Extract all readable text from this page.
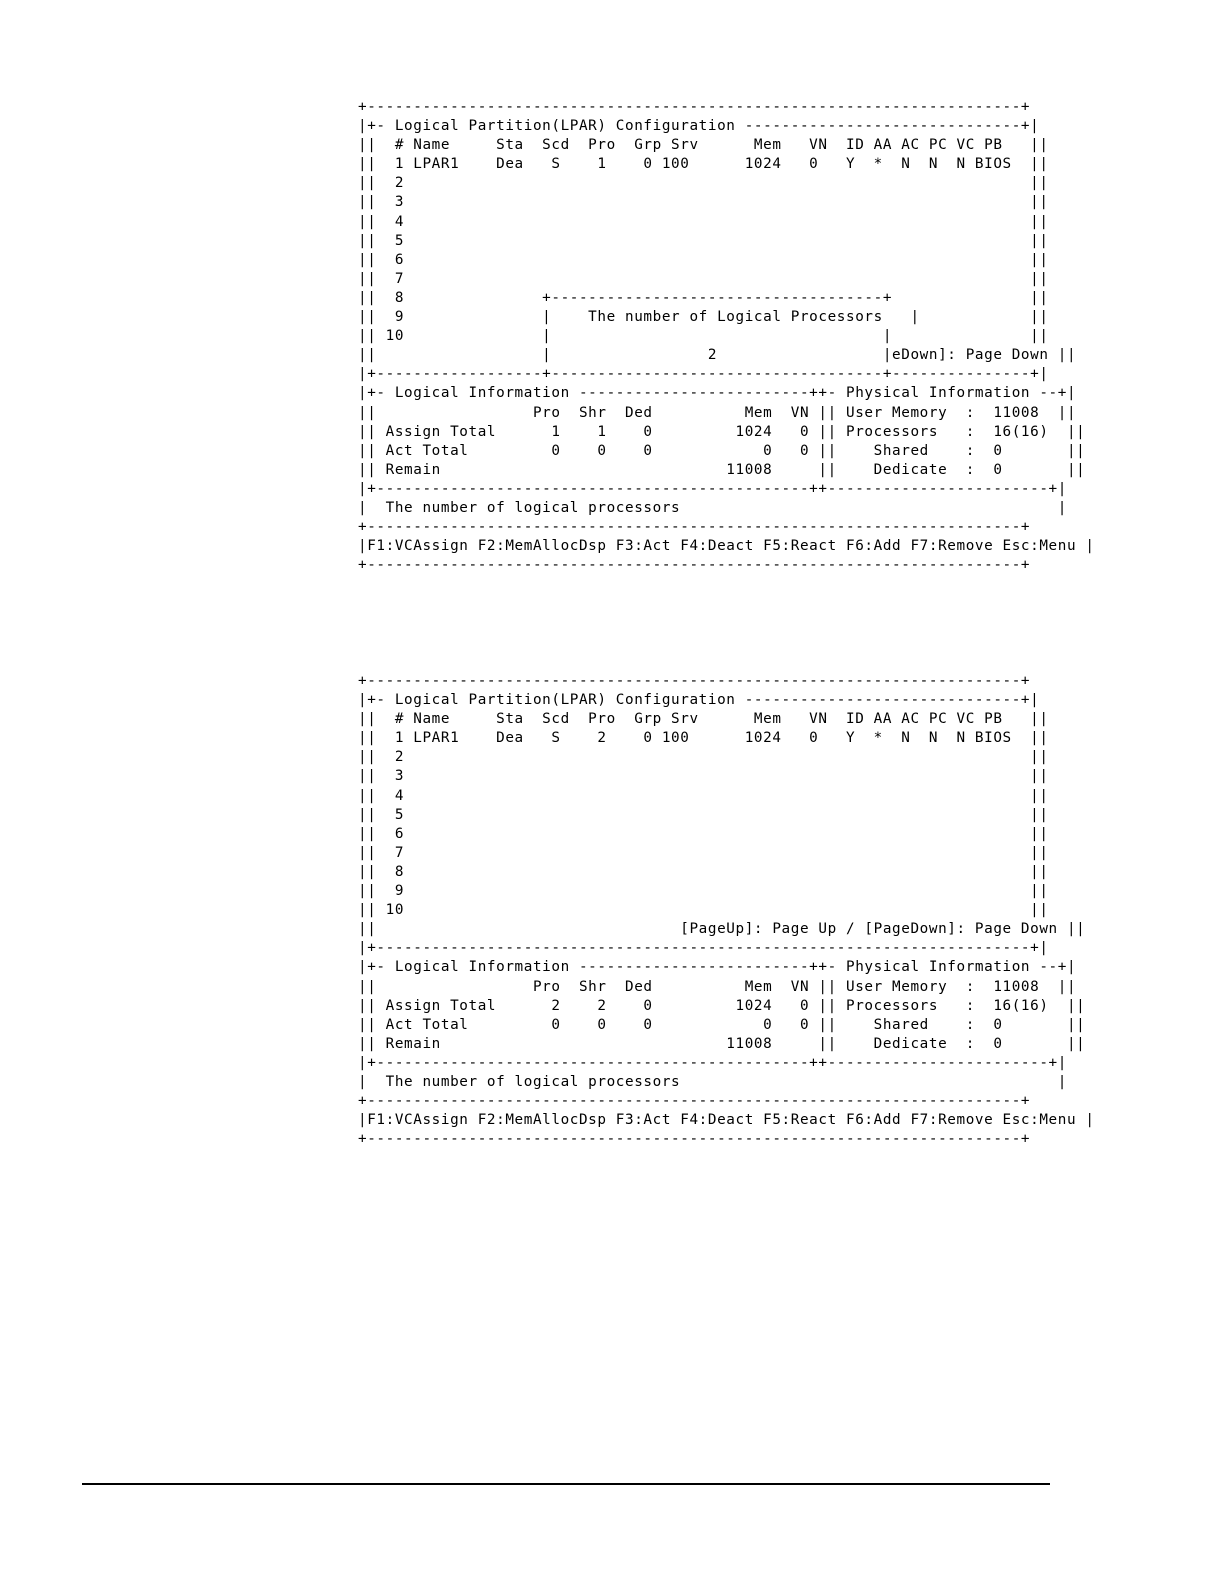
+-----------------------------------------------------------------------+
|+- Logical Partition(LPAR) Configuration ------------------------------+|
||  # Name     Sta  Scd  Pro  Grp Srv      Mem   VN  ID AA AC PC VC PB   ||
||  1 LPAR1    Dea   S    1    0 100      1024   0   Y  *  N  N  N BIOS  ||
||  2                                                                    ||
||  3                                                                    ||
||  4                                                                    ||
||  5                                                                    ||
||  6                                                                    ||
||  7                                                                    ||
||  8               +------------------------------------+               ||
||  9               |    The number of Logical Processors   |            ||
|| 10               |                                    |               ||
||                  |                 2                  |eDown]: Page Down ||
|+------------------+------------------------------------+---------------+|
|+- Logical Information -------------------------++- Physical Information --+|
||                 Pro  Shr  Ded          Mem  VN || User Memory  :  11008  ||
|| Assign Total      1    1    0         1024   0 || Processors   :  16(16)  ||
|| Act Total         0    0    0            0   0 ||    Shared    :  0       ||
|| Remain                               11008     ||    Dedicate  :  0       ||
|+-----------------------------------------------++------------------------+|
|  The number of logical processors                                         |
+-----------------------------------------------------------------------+
|F1:VCAssign F2:MemAllocDsp F3:Act F4:Deact F5:React F6:Add F7:Remove Esc:Menu |
+-----------------------------------------------------------------------+
+-----------------------------------------------------------------------+
|+- Logical Partition(LPAR) Configuration ------------------------------+|
||  # Name     Sta  Scd  Pro  Grp Srv      Mem   VN  ID AA AC PC VC PB   ||
||  1 LPAR1    Dea   S    2    0 100      1024   0   Y  *  N  N  N BIOS  ||
||  2                                                                    ||
||  3                                                                    ||
||  4                                                                    ||
||  5                                                                    ||
||  6                                                                    ||
||  7                                                                    ||
||  8                                                                    ||
||  9                                                                    ||
|| 10                                                                    ||
||                                 [PageUp]: Page Up / [PageDown]: Page Down ||
|+-----------------------------------------------------------------------+|
|+- Logical Information -------------------------++- Physical Information --+|
||                 Pro  Shr  Ded          Mem  VN || User Memory  :  11008  ||
|| Assign Total      2    2    0         1024   0 || Processors   :  16(16)  ||
|| Act Total         0    0    0            0   0 ||    Shared    :  0       ||
|| Remain                               11008     ||    Dedicate  :  0       ||
|+-----------------------------------------------++------------------------+|
|  The number of logical processors                                         |
+-----------------------------------------------------------------------+
|F1:VCAssign F2:MemAllocDsp F3:Act F4:Deact F5:React F6:Add F7:Remove Esc:Menu |
+-----------------------------------------------------------------------+
